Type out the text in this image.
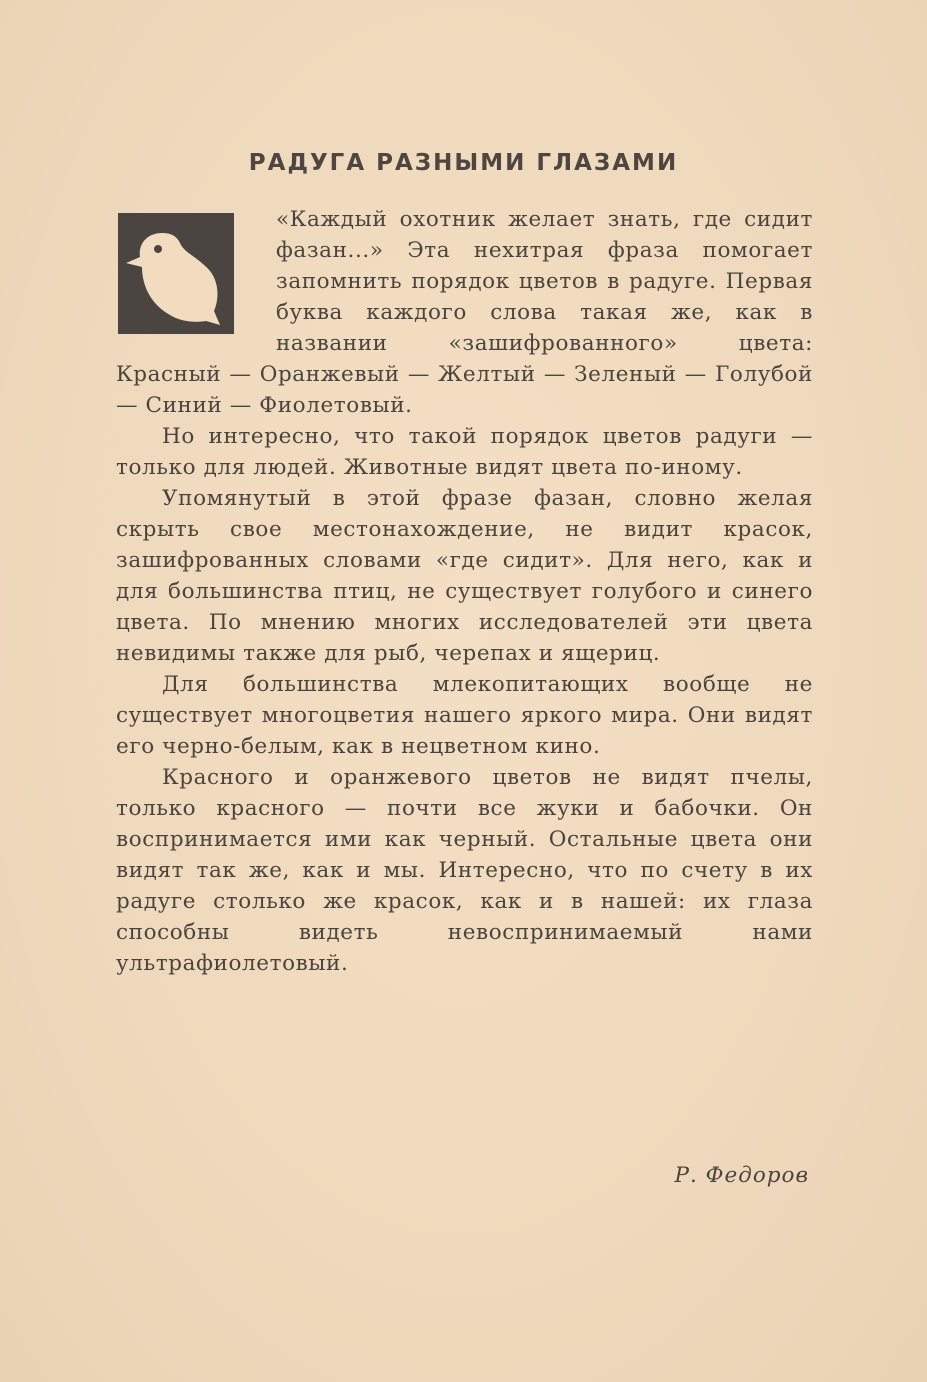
РАДУГА РАЗНЫМИ ГЛАЗАМИ

«Каждый охотник желает знать, где сидит фазан...» Эта нехитрая фраза помогает запомнить порядок цветов в радуге. Первая буква каждого слова такая же, как в названии «зашифрованного» цвета: Красный — Оранжевый — Желтый — Зеленый — Голубой — Синий — Фиолетовый.

Но интересно, что такой порядок цветов радуги — только для людей. Животные видят цвета по-иному.

Упомянутый в этой фразе фазан, словно желая скрыть свое местонахождение, не видит красок, зашифрованных словами «где сидит». Для него, как и для большинства птиц, не существует голубого и синего цвета. По мнению многих исследователей эти цвета невидимы также для рыб, черепах и ящериц.

Для большинства млекопитающих вообще не существует многоцветия нашего яркого мира. Они видят его черно-белым, как в нецветном кино.

Красного и оранжевого цветов не видят пчелы, только красного — почти все жуки и бабочки. Он воспринимается ими как черный. Остальные цвета они видят так же, как и мы. Интересно, что по счету в их радуге столько же красок, как и в нашей: их глаза способны видеть невоспринимаемый нами ультрафиолетовый.

Р. Федоров
